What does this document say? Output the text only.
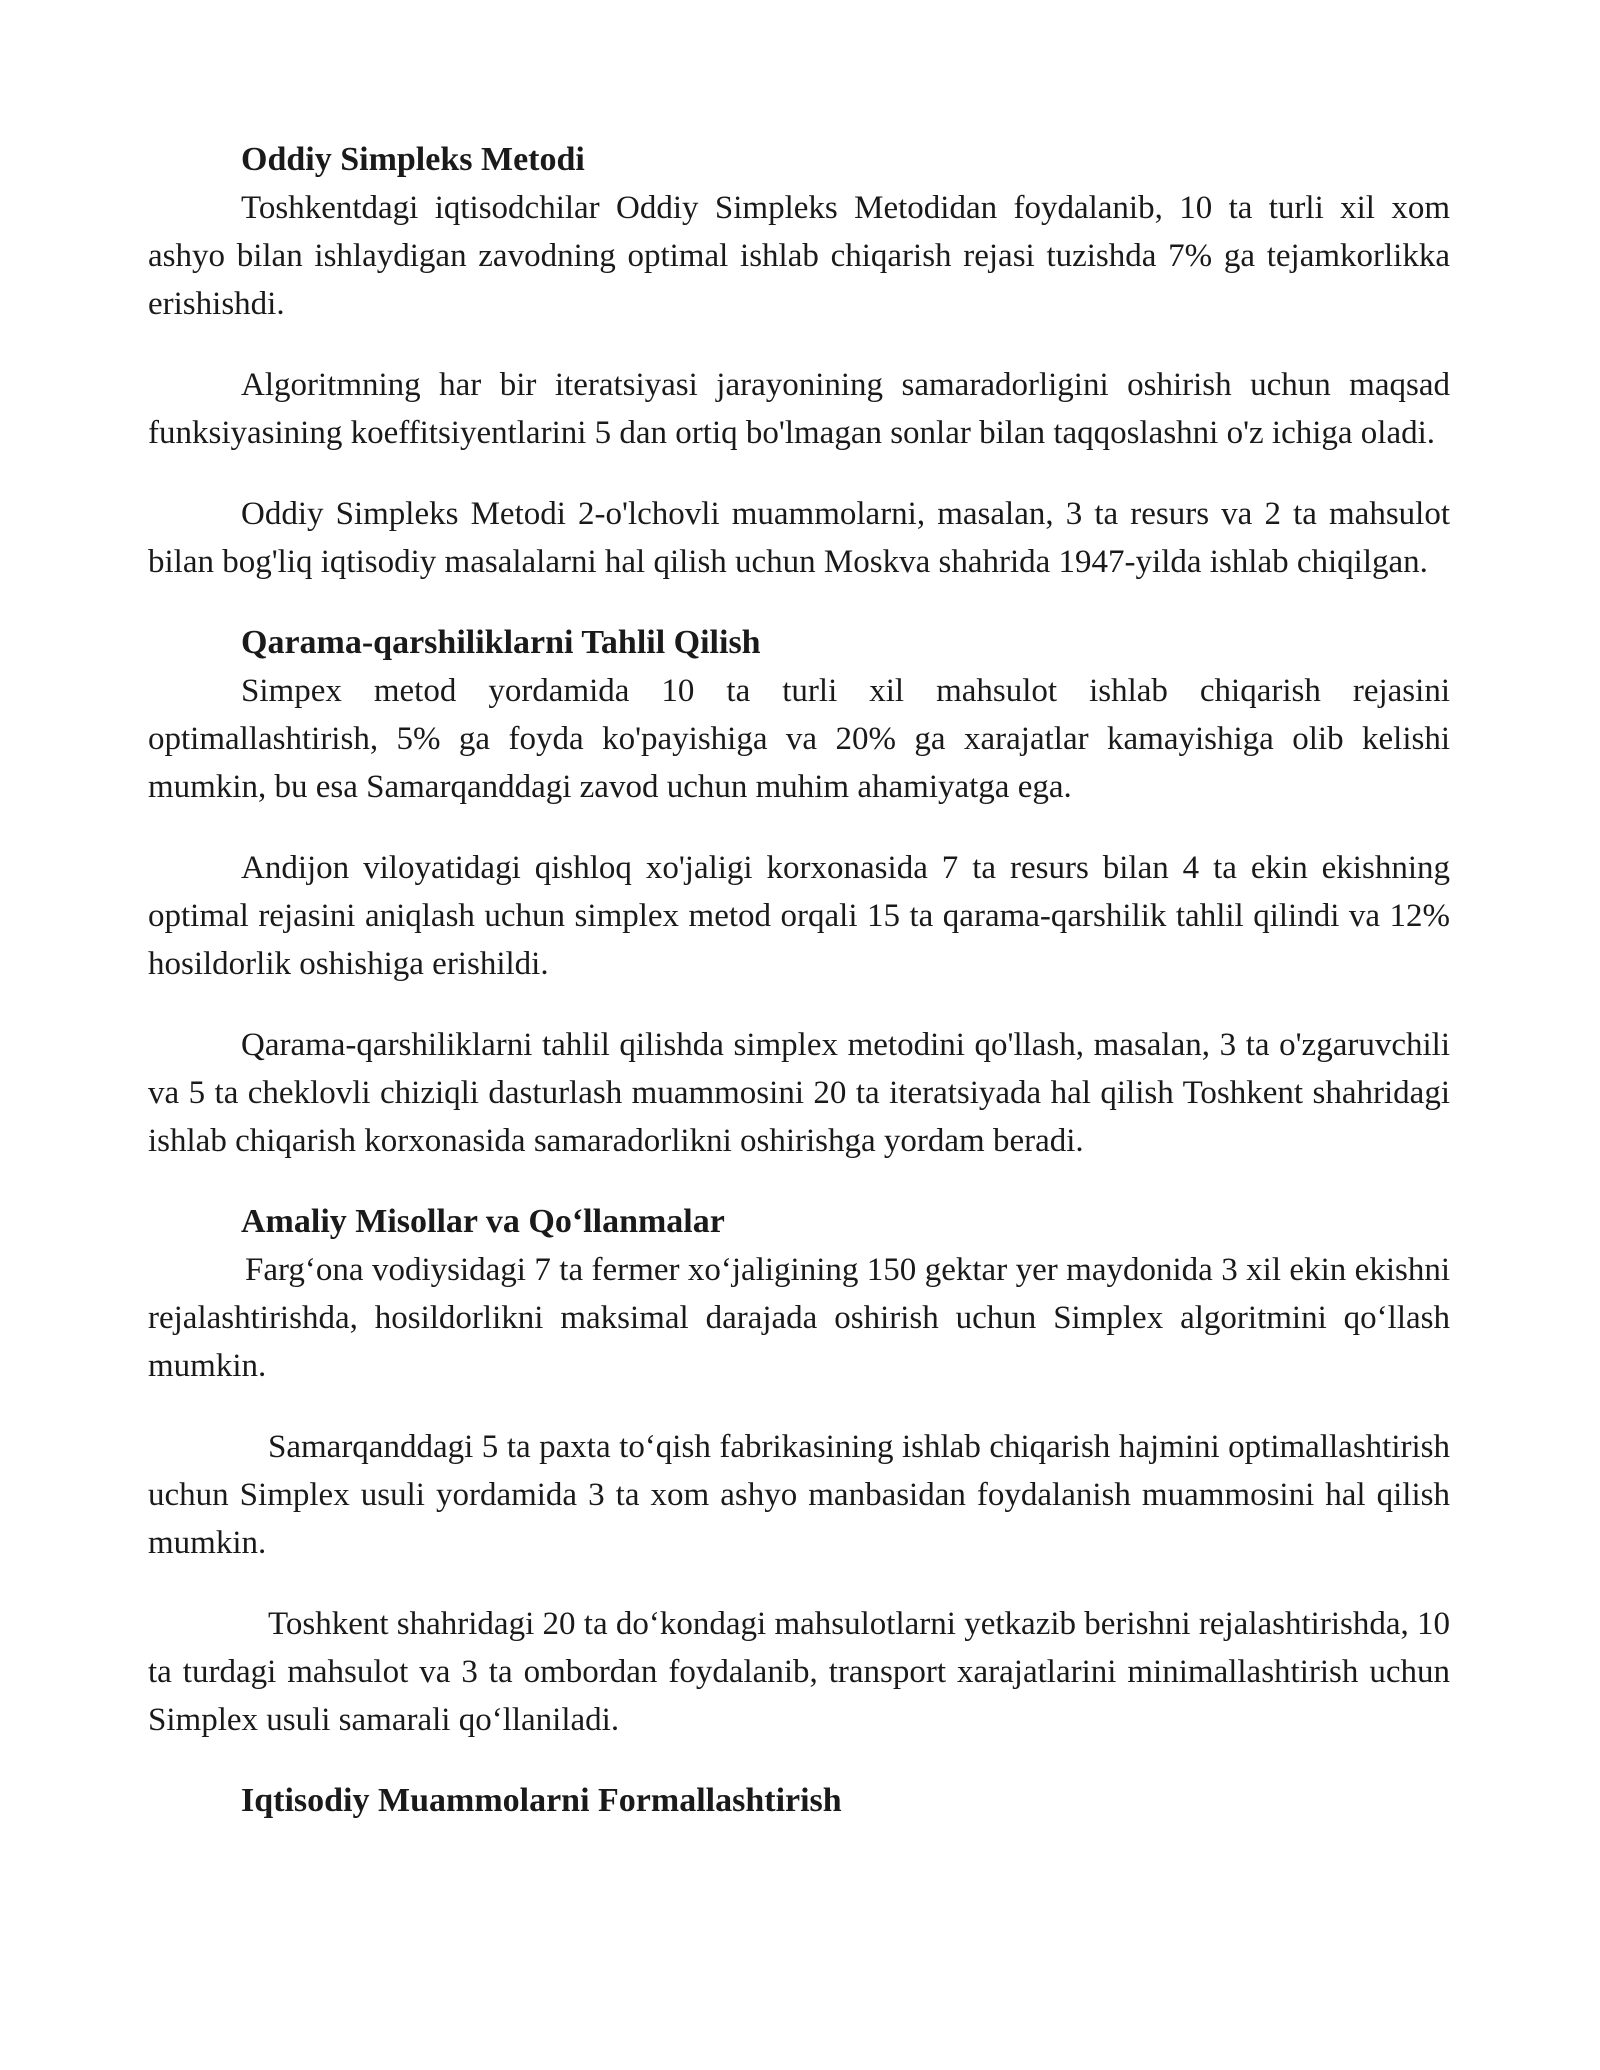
Oddiy Simpleks Metodi

Toshkentdagi iqtisodchilar Oddiy Simpleks Metodidan foydalanib, 10 ta turli xil xom ashyo bilan ishlaydigan zavodning optimal ishlab chiqarish rejasi tuzishda 7% ga tejamkorlikka erishishdi.

Algoritmning har bir iteratsiyasi jarayonining samaradorligini oshirish uchun maqsad funksiyasining koeffitsiyentlarini 5 dan ortiq bo'lmagan sonlar bilan taqqoslashni o'z ichiga oladi.

Oddiy Simpleks Metodi 2-o'lchovli muammolarni, masalan, 3 ta resurs va 2 ta mahsulot bilan bog'liq iqtisodiy masalalarni hal qilish uchun Moskva shahrida 1947-yilda ishlab chiqilgan.

Qarama-qarshiliklarni Tahlil Qilish

Simpex metod yordamida 10 ta turli xil mahsulot ishlab chiqarish rejasini optimallashtirish, 5% ga foyda ko'payishiga va 20% ga xarajatlar kamayishiga olib kelishi mumkin, bu esa Samarqanddagi zavod uchun muhim ahamiyatga ega.

Andijon viloyatidagi qishloq xo'jaligi korxonasida 7 ta resurs bilan 4 ta ekin ekishning optimal rejasini aniqlash uchun simplex metod orqali 15 ta qarama-qarshilik tahlil qilindi va 12% hosildorlik oshishiga erishildi.

Qarama-qarshiliklarni tahlil qilishda simplex metodini qo'llash, masalan, 3 ta o'zgaruvchili va 5 ta cheklovli chiziqli dasturlash muammosini 20 ta iteratsiyada hal qilish Toshkent shahridagi ishlab chiqarish korxonasida samaradorlikni oshirishga yordam beradi.

Amaliy Misollar va Qo‘llanmalar

Farg‘ona vodiysidagi 7 ta fermer xo‘jaligining 150 gektar yer maydonida 3 xil ekin ekishni rejalashtirishda, hosildorlikni maksimal darajada oshirish uchun Simplex algoritmini qo‘llash mumkin.

Samarqanddagi 5 ta paxta to‘qish fabrikasining ishlab chiqarish hajmini optimallashtirish uchun Simplex usuli yordamida 3 ta xom ashyo manbasidan foydalanish muammosini hal qilish mumkin.

Toshkent shahridagi 20 ta do‘kondagi mahsulotlarni yetkazib berishni rejalashtirishda, 10 ta turdagi mahsulot va 3 ta ombordan foydalanib, transport xarajatlarini minimallashtirish uchun Simplex usuli samarali qo‘llaniladi.

Iqtisodiy Muammolarni Formallashtirish
